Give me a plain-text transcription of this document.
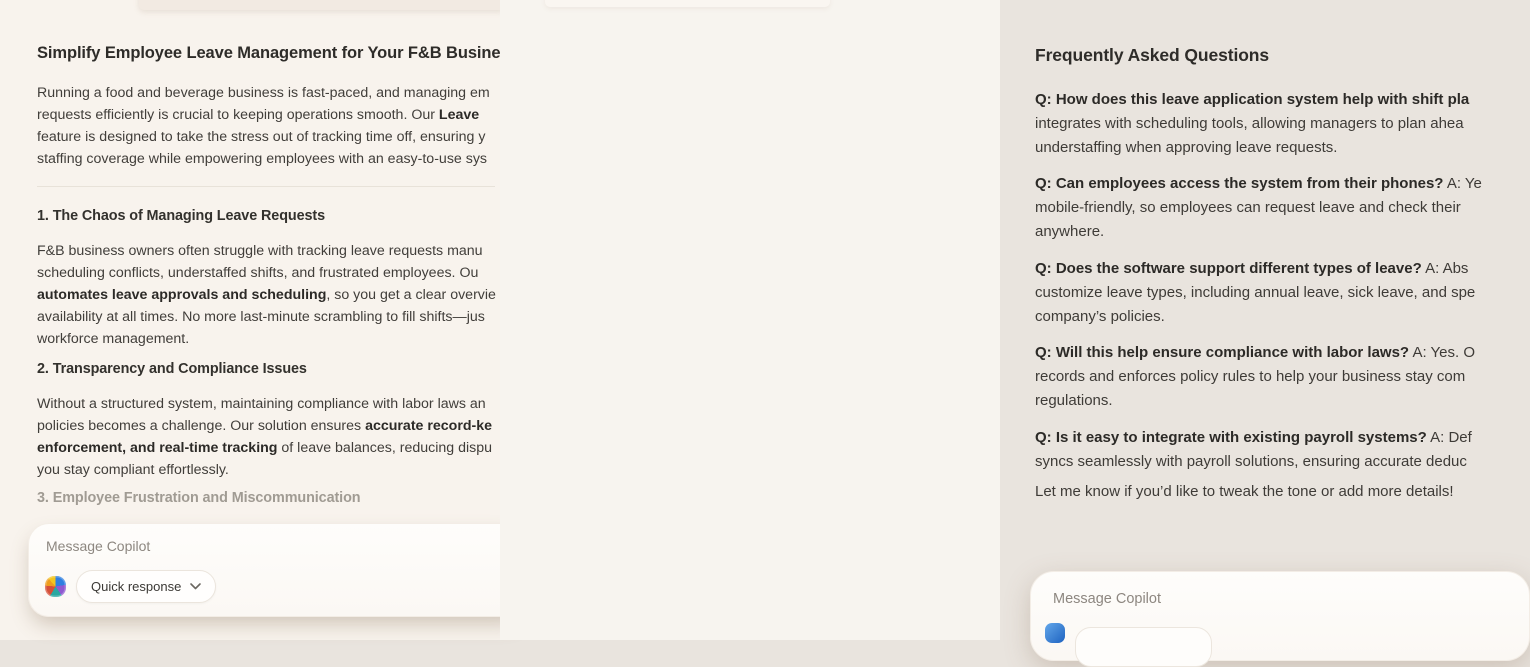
Simplify Employee Leave Management for Your F&B Busine
Running a food and beverage business is fast-paced, and managing em
requests efficiently is crucial to keeping operations smooth. Our Leave
feature is designed to take the stress out of tracking time off, ensuring y
staffing coverage while empowering employees with an easy-to-use sys
1. The Chaos of Managing Leave Requests
F&B business owners often struggle with tracking leave requests manu
scheduling conflicts, understaffed shifts, and frustrated employees. Ou
automates leave approvals and scheduling, so you get a clear overvie
availability at all times. No more last-minute scrambling to fill shifts—jus
workforce management.
2. Transparency and Compliance Issues
Without a structured system, maintaining compliance with labor laws an
policies becomes a challenge. Our solution ensures accurate record-ke
enforcement, and real-time tracking of leave balances, reducing dispu
you stay compliant effortlessly.
3. Employee Frustration and Miscommunication
Message Copilot
Quick response
Frequently Asked Questions
Q: How does this leave application system help with shift pla
integrates with scheduling tools, allowing managers to plan ahea
understaffing when approving leave requests.
Q: Can employees access the system from their phones? A: Ye
mobile-friendly, so employees can request leave and check their
anywhere.
Q: Does the software support different types of leave? A: Abs
customize leave types, including annual leave, sick leave, and spe
company’s policies.
Q: Will this help ensure compliance with labor laws? A: Yes. O
records and enforces policy rules to help your business stay com
regulations.
Q: Is it easy to integrate with existing payroll systems? A: Def
syncs seamlessly with payroll solutions, ensuring accurate deduc
Let me know if you’d like to tweak the tone or add more details!
Message Copilot
